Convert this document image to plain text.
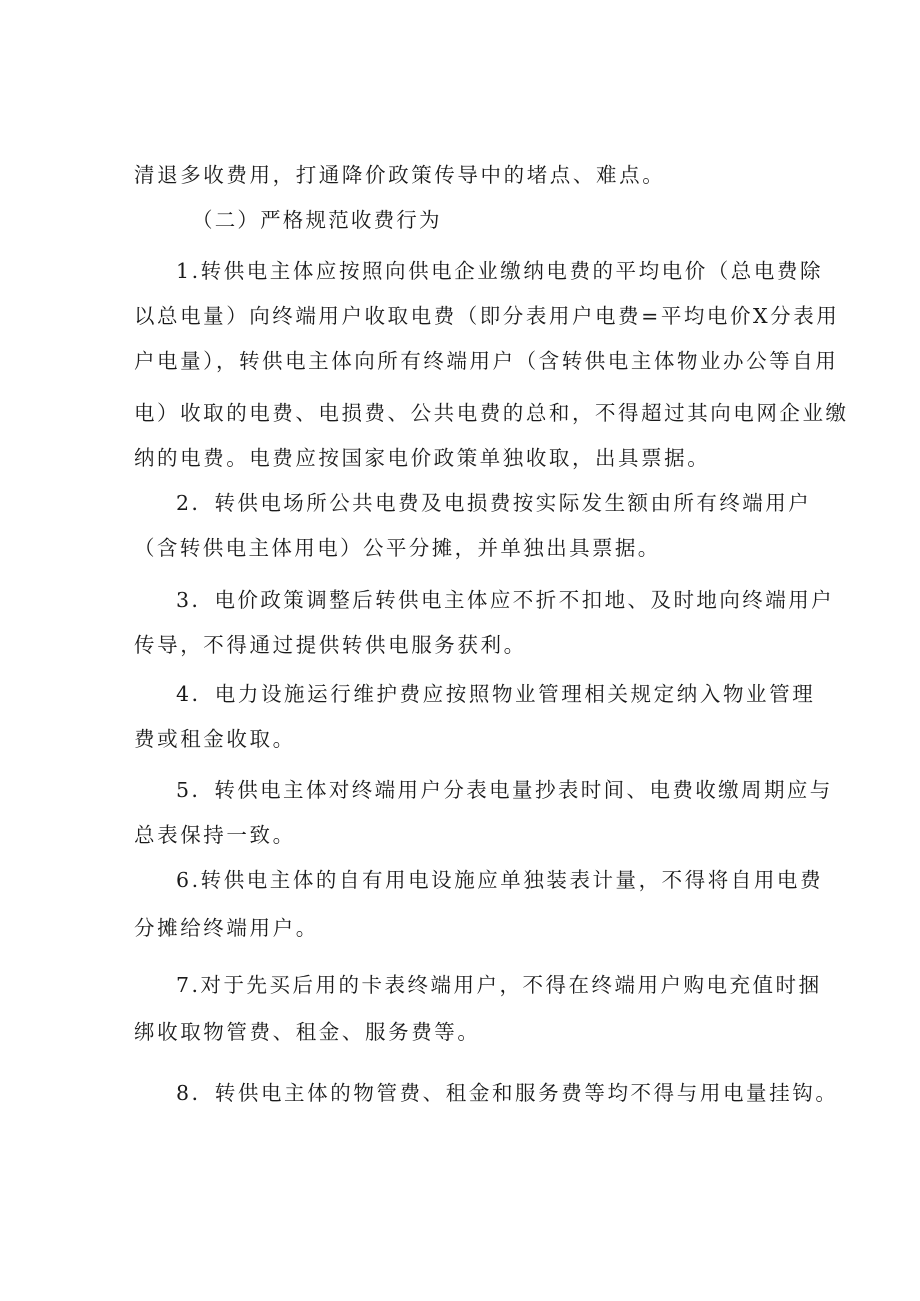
清退多收费用，打通降价政策传导中的堵点、难点。
（二）严格规范收费行为
1.转供电主体应按照向供电企业缴纳电费的平均电价（总电费除
以总电量）向终端用户收取电费（即分表用户电费=平均电价X分表用
户电量），转供电主体向所有终端用户（含转供电主体物业办公等自用
电）收取的电费、电损费、公共电费的总和，不得超过其向电网企业缴
纳的电费。电费应按国家电价政策单独收取，出具票据。
2．转供电场所公共电费及电损费按实际发生额由所有终端用户
（含转供电主体用电）公平分摊，并单独出具票据。
3．电价政策调整后转供电主体应不折不扣地、及时地向终端用户
传导，不得通过提供转供电服务获利。
4．电力设施运行维护费应按照物业管理相关规定纳入物业管理
费或租金收取。
5．转供电主体对终端用户分表电量抄表时间、电费收缴周期应与
总表保持一致。
6.转供电主体的自有用电设施应单独装表计量，不得将自用电费
分摊给终端用户。
7.对于先买后用的卡表终端用户，不得在终端用户购电充值时捆
绑收取物管费、租金、服务费等。
8．转供电主体的物管费、租金和服务费等均不得与用电量挂钩。
